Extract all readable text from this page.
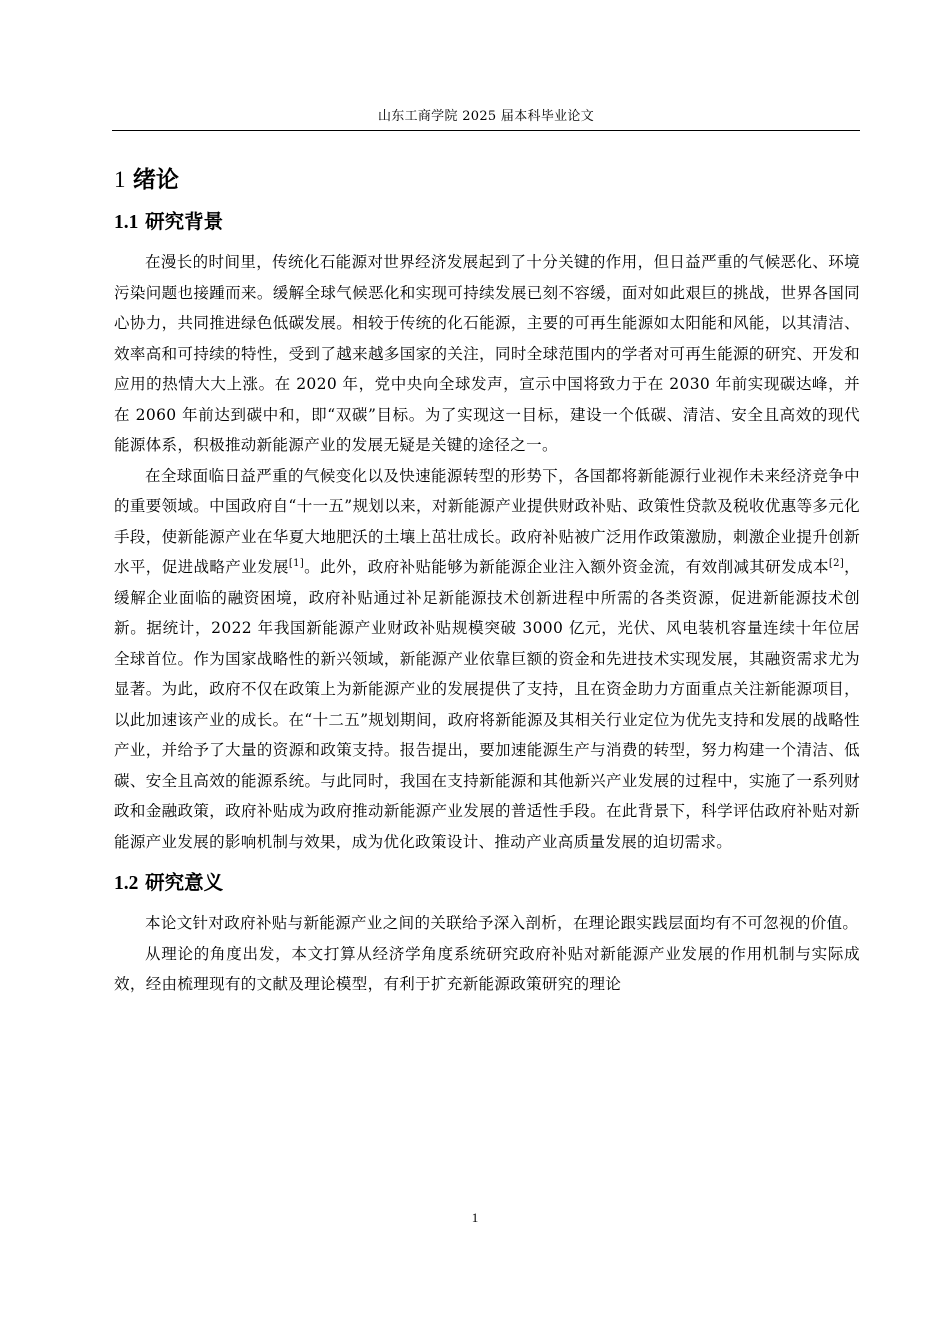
山东工商学院 2025 届本科毕业论文
1 绪论
1.1 研究背景

在漫长的时间里，传统化石能源对世界经济发展起到了十分关键的作用，但日益严重的气候恶化、环境污染问题也接踵而来。缓解全球气候恶化和实现可持续发展已刻不容缓，面对如此艰巨的挑战，世界各国同心协力，共同推进绿色低碳发展。相较于传统的化石能源，主要的可再生能源如太阳能和风能，以其清洁、效率高和可持续的特性，受到了越来越多国家的关注，同时全球范围内的学者对可再生能源的研究、开发和应用的热情大大上涨。在 2020 年，党中央向全球发声，宣示中国将致力于在 2030 年前实现碳达峰，并在 2060 年前达到碳中和，即“双碳”目标。为了实现这一目标，建设一个低碳、清洁、安全且高效的现代能源体系，积极推动新能源产业的发展无疑是关键的途径之一。

在全球面临日益严重的气候变化以及快速能源转型的形势下，各国都将新能源行业视作未来经济竞争中的重要领域。中国政府自“十一五”规划以来，对新能源产业提供财政补贴、政策性贷款及税收优惠等多元化手段，使新能源产业在华夏大地肥沃的土壤上茁壮成长。政府补贴被广泛用作政策激励，刺激企业提升创新水平，促进战略产业发展[1]。此外，政府补贴能够为新能源企业注入额外资金流，有效削减其研发成本[2]，缓解企业面临的融资困境，政府补贴通过补足新能源技术创新进程中所需的各类资源，促进新能源技术创新。据统计，2022 年我国新能源产业财政补贴规模突破 3000 亿元，光伏、风电装机容量连续十年位居全球首位。作为国家战略性的新兴领域，新能源产业依靠巨额的资金和先进技术实现发展，其融资需求尤为显著。为此，政府不仅在政策上为新能源产业的发展提供了支持，且在资金助力方面重点关注新能源项目，以此加速该产业的成长。在“十二五”规划期间，政府将新能源及其相关行业定位为优先支持和发展的战略性产业，并给予了大量的资源和政策支持。报告提出，要加速能源生产与消费的转型，努力构建一个清洁、低碳、安全且高效的能源系统。与此同时，我国在支持新能源和其他新兴产业发展的过程中，实施了一系列财政和金融政策，政府补贴成为政府推动新能源产业发展的普适性手段。在此背景下，科学评估政府补贴对新能源产业发展的影响机制与效果，成为优化政策设计、推动产业高质量发展的迫切需求。

1.2 研究意义

本论文针对政府补贴与新能源产业之间的关联给予深入剖析，在理论跟实践层面均有不可忽视的价值。

从理论的角度出发，本文打算从经济学角度系统研究政府补贴对新能源产业发展的作用机制与实际成效，经由梳理现有的文献及理论模型，有利于扩充新能源政策研究的理论

1
